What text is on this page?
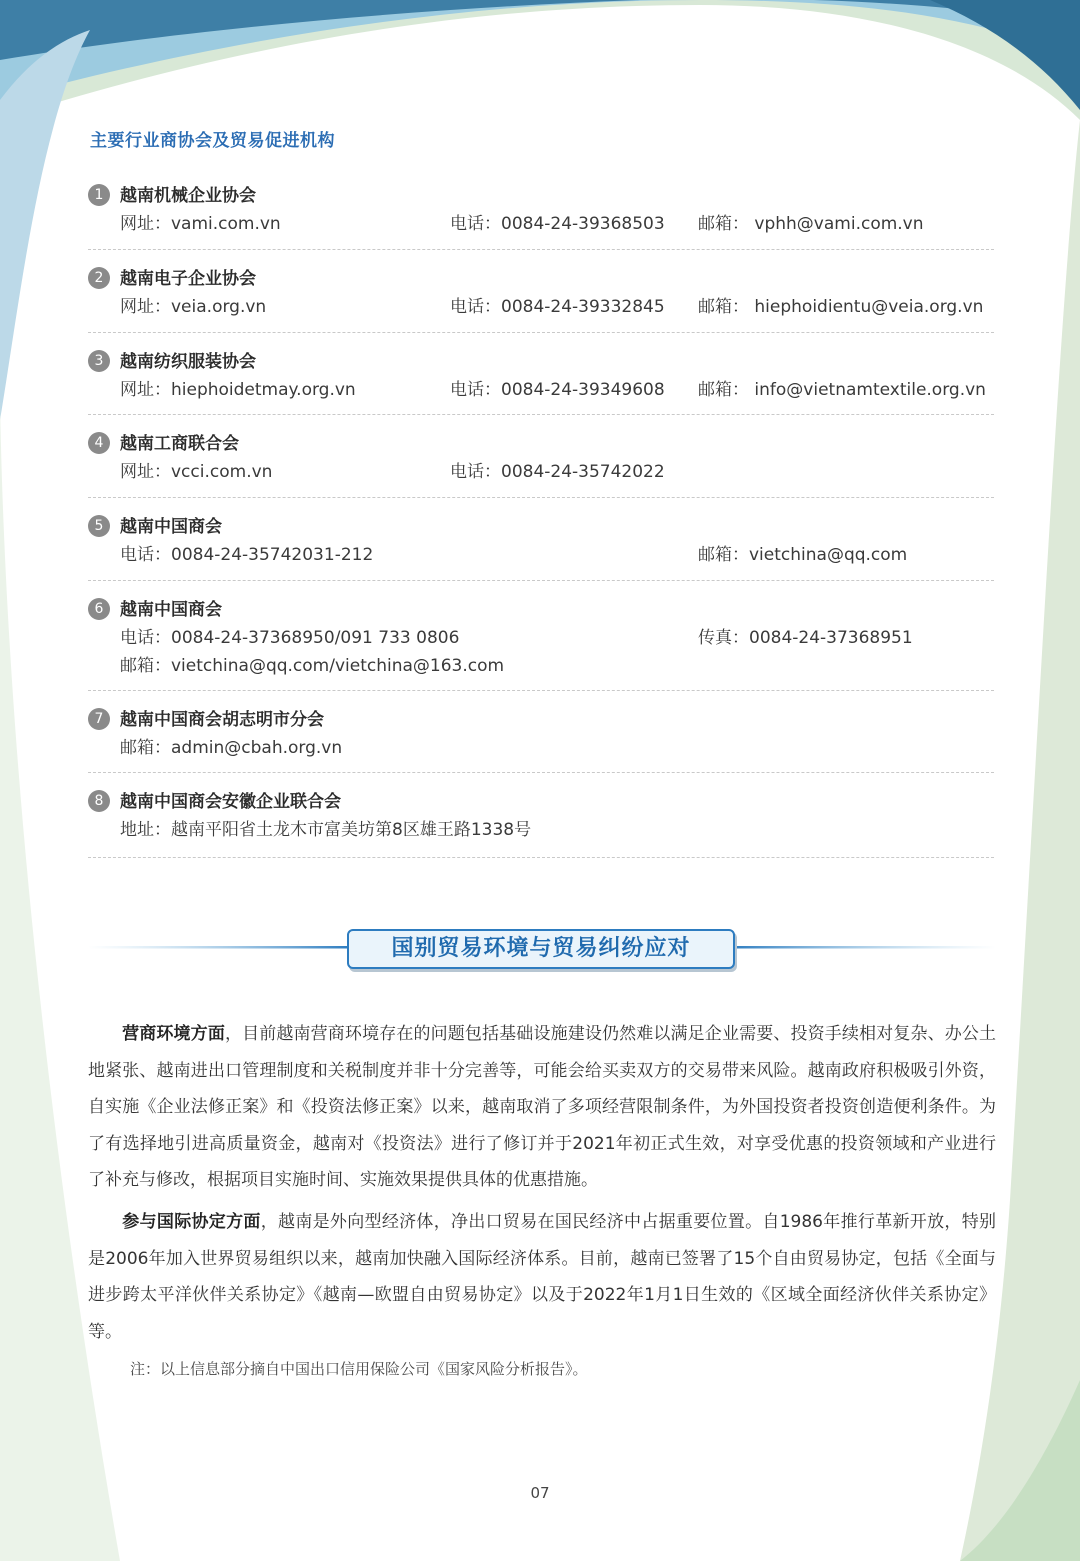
主要行业商协会及贸易促进机构
1 越南机械企业协会
网址：vami.com.vn	电话：0084-24-39368503 邮箱： vphh@vami.com.vn
2 越南电子企业协会
网址：veia.org.vn	电话：0084-24-39332845 邮箱： hiephoidientu@veia.org.vn
3 越南纺织服装协会
网址：hiephoidetmay.org.vn	电话：0084-24-39349608 邮箱： info@vietnamtextile.org.vn
4 越南工商联合会
网址：vcci.com.vn	电话：0084-24-35742022
5 越南中国商会
电话：0084-24-35742031-212	邮箱：vietchina@qq.com
6 越南中国商会
电话：0084-24-37368950/091 733 0806	传真：0084-24-37368951
邮箱：vietchina@qq.com/vietchina@163.com
7 越南中国商会胡志明市分会
邮箱：admin@cbah.org.vn
8 越南中国商会安徽企业联合会
地址：越南平阳省土龙木市富美坊第8区雄王路1338号
国别贸易环境与贸易纠纷应对
营商环境方面，目前越南营商环境存在的问题包括基础设施建设仍然难以满足企业需要、投资手续相对复杂、办公土地紧张、越南进出口管理制度和关税制度并非十分完善等，可能会给买卖双方的交易带来风险。越南政府积极吸引外资，自实施《企业法修正案》和《投资法修正案》以来，越南取消了多项经营限制条件，为外国投资者投资创造便利条件。为了有选择地引进高质量资金，越南对《投资法》进行了修订并于2021年初正式生效，对享受优惠的投资领域和产业进行了补充与修改，根据项目实施时间、实施效果提供具体的优惠措施。
参与国际协定方面，越南是外向型经济体，净出口贸易在国民经济中占据重要位置。自1986年推行革新开放，特别是2006年加入世界贸易组织以来，越南加快融入国际经济体系。目前，越南已签署了15个自由贸易协定，包括《全面与进步跨太平洋伙伴关系协定》《越南—欧盟自由贸易协定》以及于2022年1月1日生效的《区域全面经济伙伴关系协定》等。
注：以上信息部分摘自中国出口信用保险公司《国家风险分析报告》。
07
